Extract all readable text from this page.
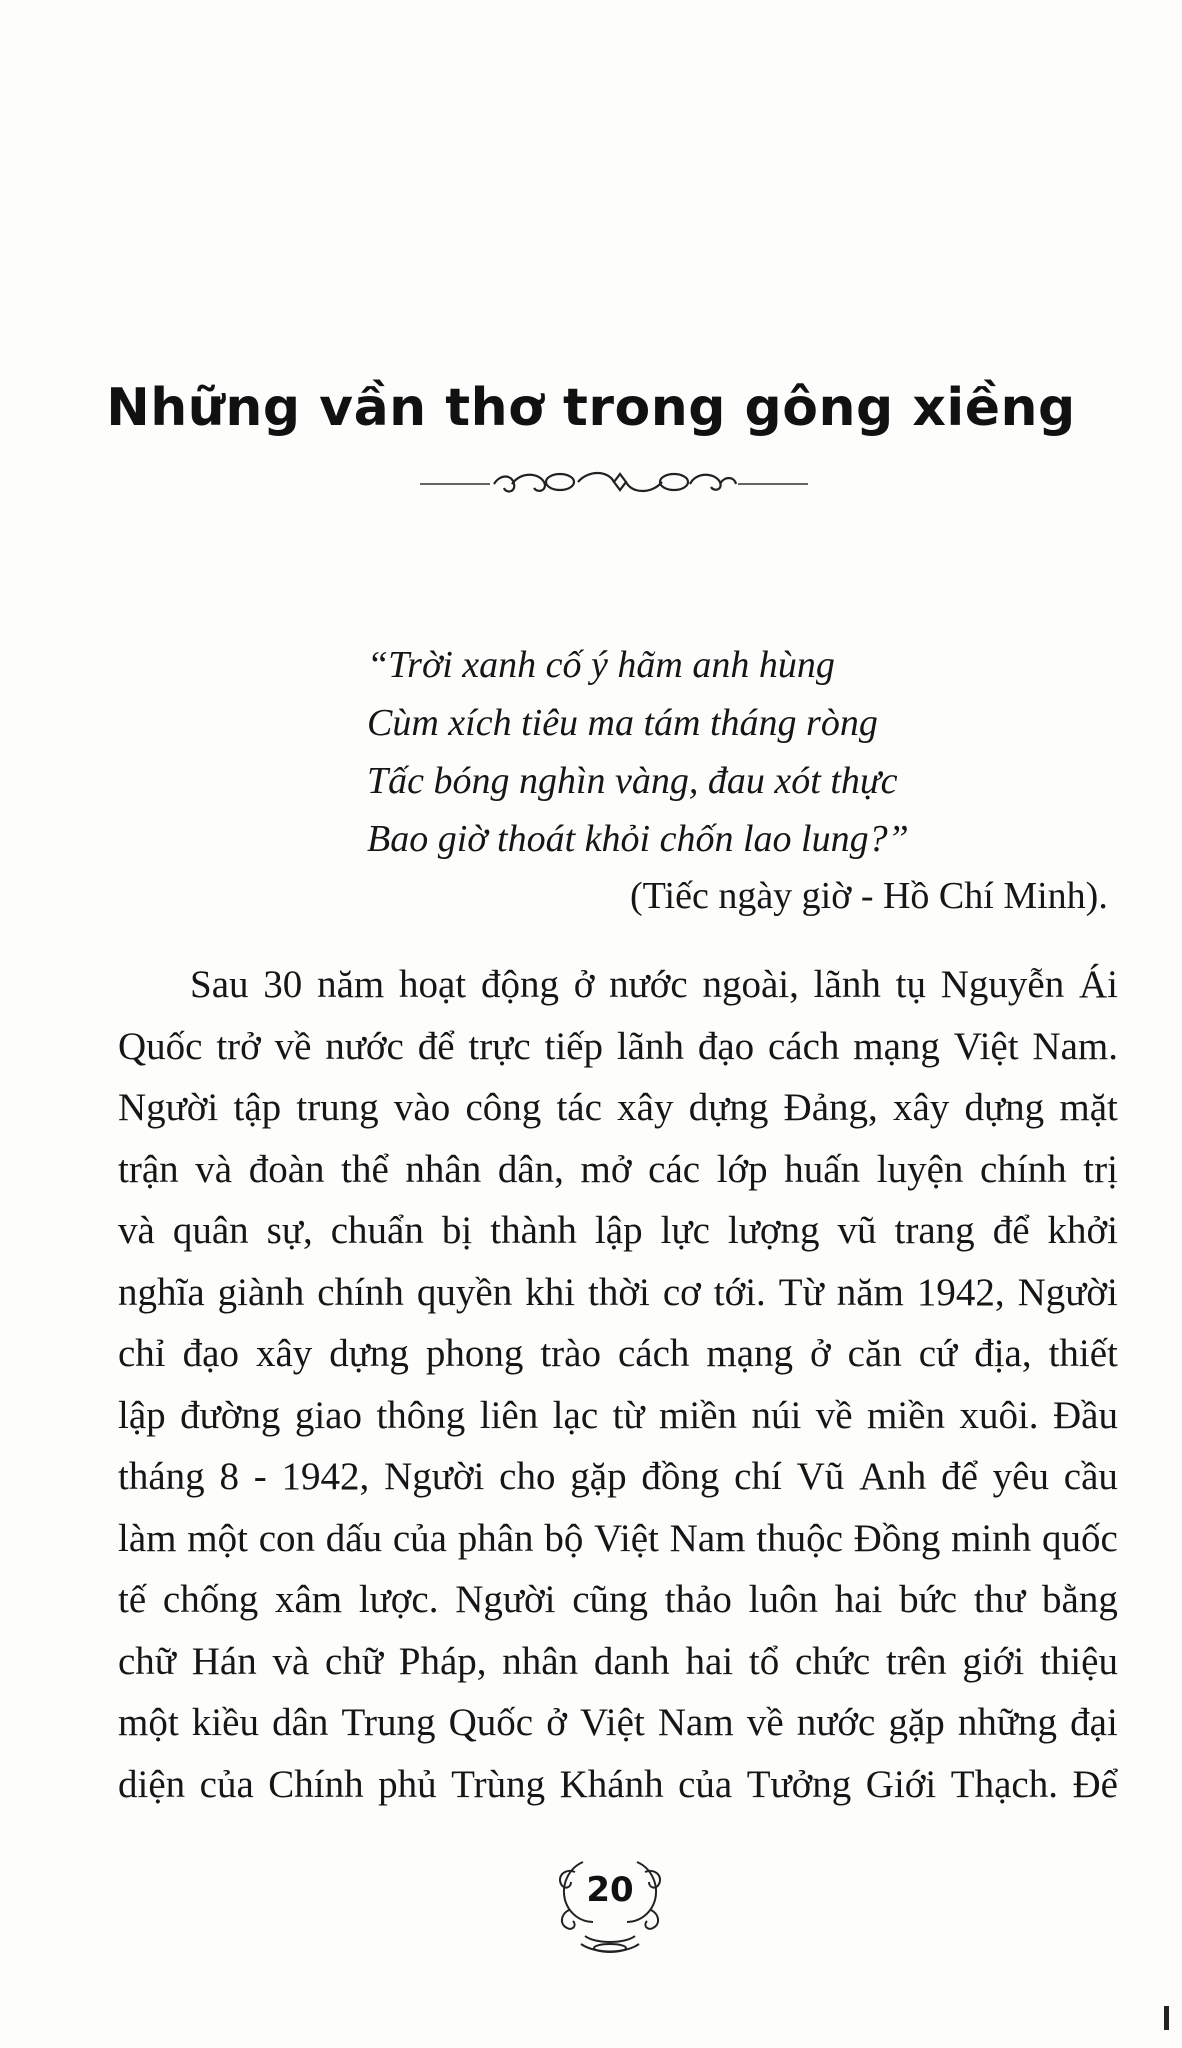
Những vần thơ trong gông xiềng
“Trời xanh cố ý hãm anh hùng
Cùm xích tiêu ma tám tháng ròng
Tấc bóng nghìn vàng, đau xót thực
Bao giờ thoát khỏi chốn lao lung?”
(Tiếc ngày giờ - Hồ Chí Minh).
Sau 30 năm hoạt động ở nước ngoài, lãnh tụ Nguyễn Ái
Quốc trở về nước để trực tiếp lãnh đạo cách mạng Việt Nam.
Người tập trung vào công tác xây dựng Đảng, xây dựng mặt
trận và đoàn thể nhân dân, mở các lớp huấn luyện chính trị
và quân sự, chuẩn bị thành lập lực lượng vũ trang để khởi
nghĩa giành chính quyền khi thời cơ tới. Từ năm 1942, Người
chỉ đạo xây dựng phong trào cách mạng ở căn cứ địa, thiết
lập đường giao thông liên lạc từ miền núi về miền xuôi. Đầu
tháng 8 - 1942, Người cho gặp đồng chí Vũ Anh để yêu cầu
làm một con dấu của phân bộ Việt Nam thuộc Đồng minh quốc
tế chống xâm lược. Người cũng thảo luôn hai bức thư bằng
chữ Hán và chữ Pháp, nhân danh hai tổ chức trên giới thiệu
một kiều dân Trung Quốc ở Việt Nam về nước gặp những đại
diện của Chính phủ Trùng Khánh của Tưởng Giới Thạch. Để
20
